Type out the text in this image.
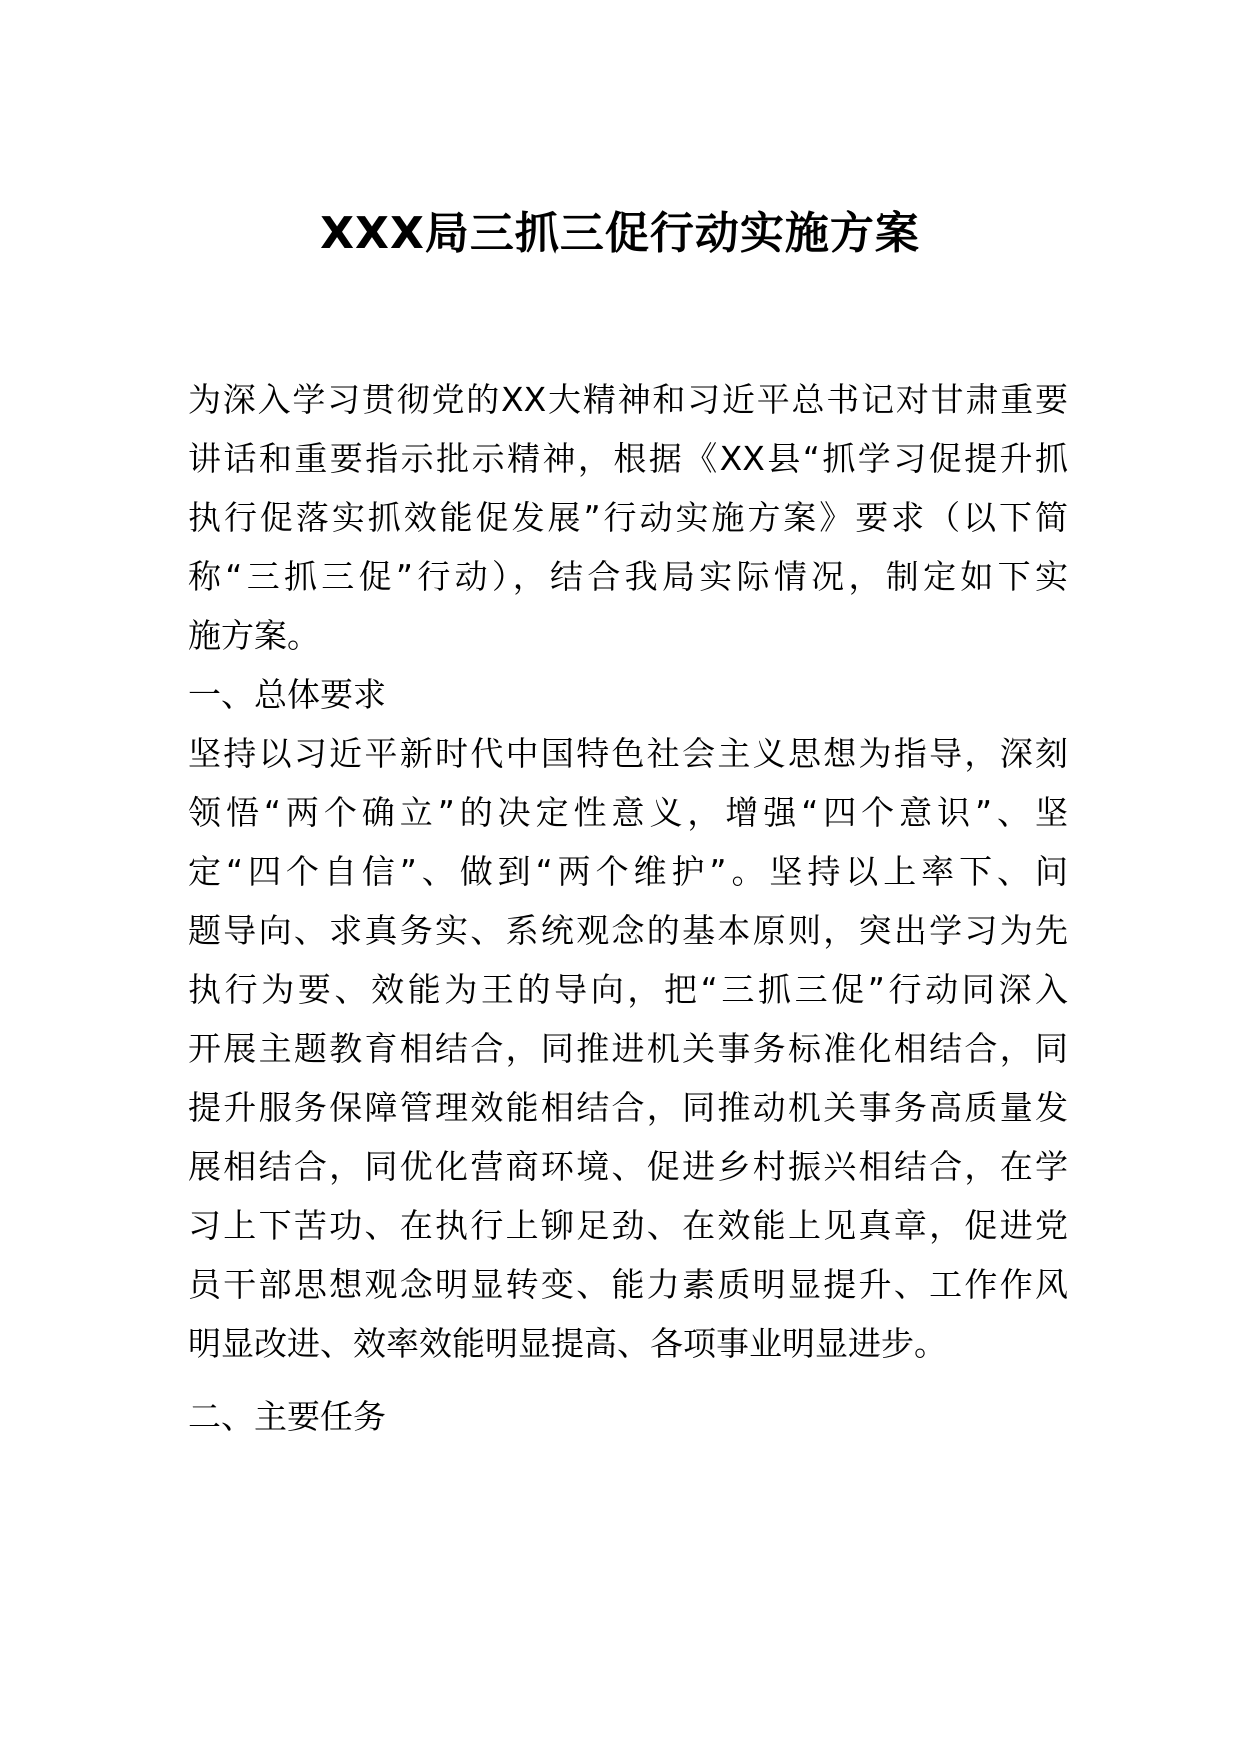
XXX局三抓三促行动实施方案

为深入学习贯彻党的XX大精神和习近平总书记对甘肃重要

讲话和重要指示批示精神，根据《XX县“抓学习促提升抓

执行促落实抓效能促发展”行动实施方案》要求（以下简

称“三抓三促”行动），结合我局实际情况，制定如下实

施方案。

一、总体要求

坚持以习近平新时代中国特色社会主义思想为指导，深刻

领悟“两个确立”的决定性意义，增强“四个意识”、坚

定“四个自信”、做到“两个维护”。坚持以上率下、问

题导向、求真务实、系统观念的基本原则，突出学习为先

执行为要、效能为王的导向，把“三抓三促”行动同深入

开展主题教育相结合，同推进机关事务标准化相结合，同

提升服务保障管理效能相结合，同推动机关事务高质量发

展相结合，同优化营商环境、促进乡村振兴相结合，在学

习上下苦功、在执行上铆足劲、在效能上见真章，促进党

员干部思想观念明显转变、能力素质明显提升、工作作风

明显改进、效率效能明显提高、各项事业明显进步。

二、主要任务
